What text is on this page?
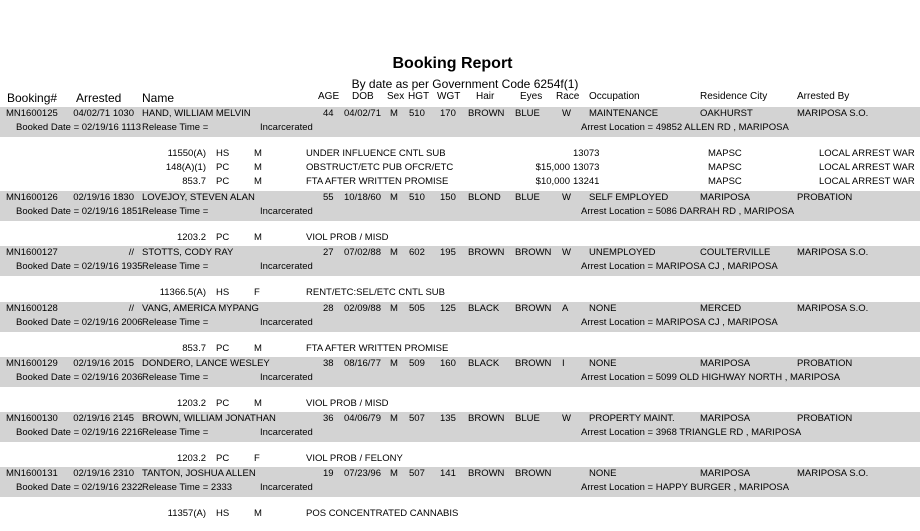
Booking Report
By date as per Government Code 6254f(1)
Booking# Arrested Name	AGE DOB Sex HGT WGT Hair	Eyes Race Occupation	Residence City	Arrested By
MN1600125	04/02/71 1030 HAND, WILLIAM MELVIN	44 04/02/71 M 510 170 BROWN BLUE W MAINTENANCE	OAKHURST	MARIPOSA S.O.
Booked Date = 02/19/16 1113 Release Time =	Incarcerated	Arrest Location = 49852 ALLEN RD , MARIPOSA
11550(A) HS	M	UNDER INFLUENCE CNTL SUB	13073	MAPSC	LOCAL ARREST WAR
148(A)(1) PC	M	OBSTRUCT/ETC PUB OFCR/ETC	$15,000 13073	MAPSC	LOCAL ARREST WAR
853.7 PC	M	FTA AFTER WRITTEN PROMISE	$10,000 13241	MAPSC	LOCAL ARREST WAR
MN1600126	02/19/16 1830 LOVEJOY, STEVEN ALAN	55 10/18/60 M 510 150 BLOND BLUE W SELF EMPLOYED	MARIPOSA	PROBATION
Booked Date = 02/19/16 1851 Release Time =	Incarcerated	Arrest Location = 5086 DARRAH RD , MARIPOSA
1203.2 PC	M	VIOL PROB / MISD
MN1600127	// STOTTS, CODY RAY	27 07/02/88 M 602 195 BROWN BROWN W UNEMPLOYED	COULTERVILLE	MARIPOSA S.O.
Booked Date = 02/19/16 1935 Release Time =	Incarcerated	Arrest Location = MARIPOSA CJ , MARIPOSA
11366.5(A) HS	F	RENT/ETC:SEL/ETC CNTL SUB
MN1600128	// VANG, AMERICA MYPANG	28 02/09/88 M 505 125 BLACK BROWN A NONE	MERCED	MARIPOSA S.O.
Booked Date = 02/19/16 2006 Release Time =	Incarcerated	Arrest Location = MARIPOSA CJ , MARIPOSA
853.7 PC	M	FTA AFTER WRITTEN PROMISE
MN1600129	02/19/16 2015 DONDERO, LANCE WESLEY	38 08/16/77 M 509 160 BLACK BROWN I	NONE	MARIPOSA	PROBATION
Booked Date = 02/19/16 2036 Release Time =	Incarcerated	Arrest Location = 5099 OLD HIGHWAY NORTH , MARIPOSA
1203.2 PC	M	VIOL PROB / MISD
MN1600130	02/19/16 2145 BROWN, WILLIAM JONATHAN	36 04/06/79 M 507 135 BROWN BLUE W PROPERTY MAINT.	MARIPOSA	PROBATION
Booked Date = 02/19/16 2216 Release Time =	Incarcerated	Arrest Location = 3968 TRIANGLE RD , MARIPOSA
1203.2 PC	F	VIOL PROB / FELONY
MN1600131	02/19/16 2310 TANTON, JOSHUA ALLEN	19 07/23/96 M 507 141 BROWN BROWN	NONE	MARIPOSA	MARIPOSA S.O.
Booked Date = 02/19/16 2322 Release Time = 2333	Incarcerated	Arrest Location = HAPPY BURGER , MARIPOSA
11357(A) HS	M	POS CONCENTRATED CANNABIS
